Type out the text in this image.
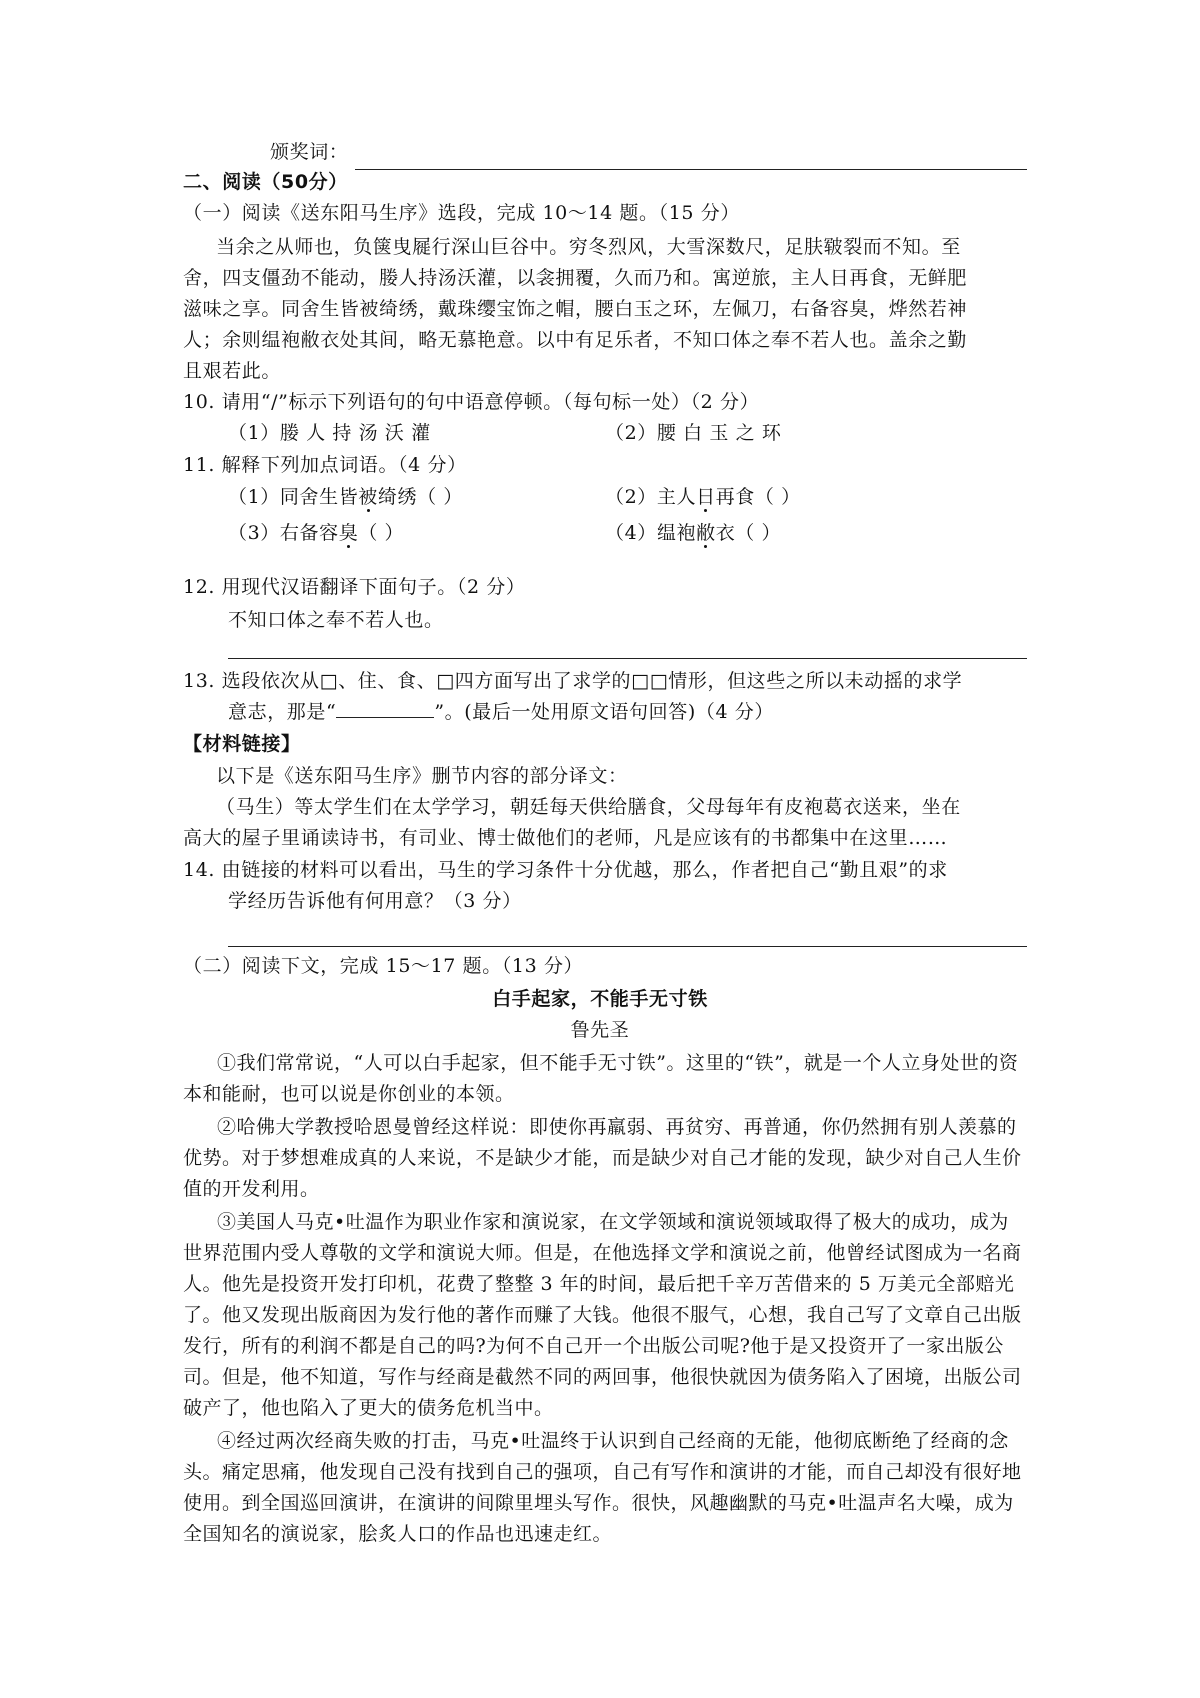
颁奖词：
二、阅读（50分）
（一）阅读《送东阳马生序》选段，完成 10～14 题。（15 分）
当余之从师也，负箧曳屣行深山巨谷中。穷冬烈风，大雪深数尺，足肤皲裂而不知。至
舍，四支僵劲不能动，媵人持汤沃灌，以衾拥覆，久而乃和。寓逆旅，主人日再食，无鲜肥
滋味之享。同舍生皆被绮绣，戴珠缨宝饰之帽，腰白玉之环，左佩刀，右备容臭，烨然若神
人；余则缊袍敝衣处其间，略无慕艳意。以中有足乐者，不知口体之奉不若人也。盖余之勤
且艰若此。
10. 请用“/”标示下列语句的句中语意停顿。（每句标一处）（2 分）
（1）媵 人 持 汤 沃 灌	（2）腰 白 玉 之 环
11. 解释下列加点词语。（4 分）
（1）同舍生皆被绮绣（ ）	（2）主人日再食（ ）
（3）右备容臭（ ）	（4）缊袍敝衣（ ）
12. 用现代汉语翻译下面句子。（2 分）
不知口体之奉不若人也。
13. 选段依次从□、住、食、□四方面写出了求学的□□情形，但这些之所以未动摇的求学
意志，那是“	”。(最后一处用原文语句回答)（4 分）
【材料链接】
以下是《送东阳马生序》删节内容的部分译文：
（马生）等太学生们在太学学习，朝廷每天供给膳食，父母每年有皮袍葛衣送来，坐在
高大的屋子里诵读诗书，有司业、博士做他们的老师，凡是应该有的书都集中在这里……
14. 由链接的材料可以看出，马生的学习条件十分优越，那么，作者把自己“勤且艰”的求
学经历告诉他有何用意？（3 分）
（二）阅读下文，完成 15～17 题。（13 分）
白手起家，不能手无寸铁
鲁先圣

①我们常常说，“人可以白手起家，但不能手无寸铁”。这里的“铁”，就是一个人立身处世的资本和能耐，也可以说是你创业的本领。

②哈佛大学教授哈恩曼曾经这样说：即使你再羸弱、再贫穷、再普通，你仍然拥有别人羡慕的优势。对于梦想难成真的人来说，不是缺少才能，而是缺少对自己才能的发现，缺少对自己人生价值的开发利用。

③美国人马克•吐温作为职业作家和演说家，在文学领域和演说领域取得了极大的成功，成为世界范围内受人尊敬的文学和演说大师。但是，在他选择文学和演说之前，他曾经试图成为一名商人。他先是投资开发打印机，花费了整整 3 年的时间，最后把千辛万苦借来的 5 万美元全部赔光了。他又发现出版商因为发行他的著作而赚了大钱。他很不服气，心想，我自己写了文章自己出版发行，所有的利润不都是自己的吗?为何不自己开一个出版公司呢?他于是又投资开了一家出版公司。但是，他不知道，写作与经商是截然不同的两回事，他很快就因为债务陷入了困境，出版公司破产了，他也陷入了更大的债务危机当中。

④经过两次经商失败的打击，马克•吐温终于认识到自己经商的无能，他彻底断绝了经商的念头。痛定思痛，他发现自己没有找到自己的强项，自己有写作和演讲的才能，而自己却没有很好地使用。到全国巡回演讲，在演讲的间隙里埋头写作。很快，风趣幽默的马克•吐温声名大噪，成为全国知名的演说家，脍炙人口的作品也迅速走红。
